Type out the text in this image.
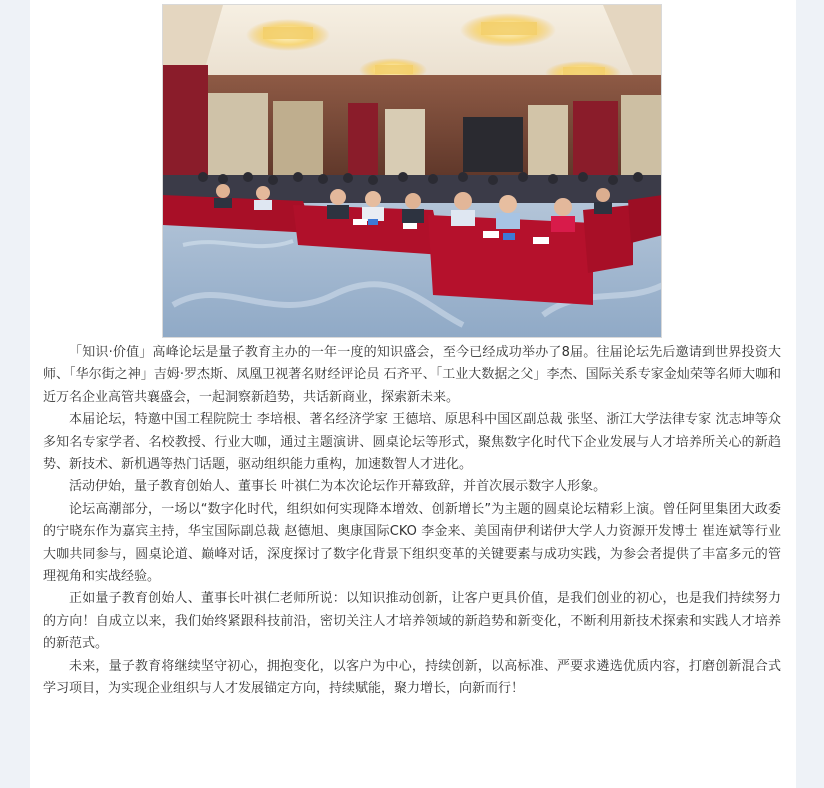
「知识·价值」高峰论坛是量子教育主办的一年一度的知识盛会，至今已经成功举办了8届。往届论坛先后邀请到世界投资大师、「华尔街之神」吉姆·罗杰斯、凤凰卫视著名财经评论员 石齐平、「工业大数据之父」李杰、国际关系专家金灿荣等名师大咖和近万名企业高管共襄盛会，一起洞察新趋势，共话新商业，探索新未来。

本届论坛，特邀中国工程院院士 李培根、著名经济学家 王德培、原思科中国区副总裁 张坚、浙江大学法律专家 沈志坤等众多知名专家学者、名校教授、行业大咖，通过主题演讲、圆桌论坛等形式，聚焦数字化时代下企业发展与人才培养所关心的新趋势、新技术、新机遇等热门话题，驱动组织能力重构，加速数智人才进化。

活动伊始，量子教育创始人、董事长 叶祺仁为本次论坛作开幕致辞，并首次展示数字人形象。

论坛高潮部分，一场以“数字化时代，组织如何实现降本增效、创新增长”为主题的圆桌论坛精彩上演。曾任阿里集团大政委的宁晓东作为嘉宾主持，华宝国际副总裁 赵德旭、奥康国际CKO 李金来、美国南伊利诺伊大学人力资源开发博士 崔连斌等行业大咖共同参与，圆桌论道、巅峰对话，深度探讨了数字化背景下组织变革的关键要素与成功实践，为参会者提供了丰富多元的管理视角和实战经验。

正如量子教育创始人、董事长叶祺仁老师所说：以知识推动创新，让客户更具价值，是我们创业的初心，也是我们持续努力的方向！自成立以来，我们始终紧跟科技前沿，密切关注人才培养领域的新趋势和新变化，不断利用新技术探索和实践人才培养的新范式。

未来，量子教育将继续坚守初心，拥抱变化，以客户为中心，持续创新，以高标准、严要求遴选优质内容，打磨创新混合式学习项目，为实现企业组织与人才发展锚定方向，持续赋能，聚力增长，向新而行！
